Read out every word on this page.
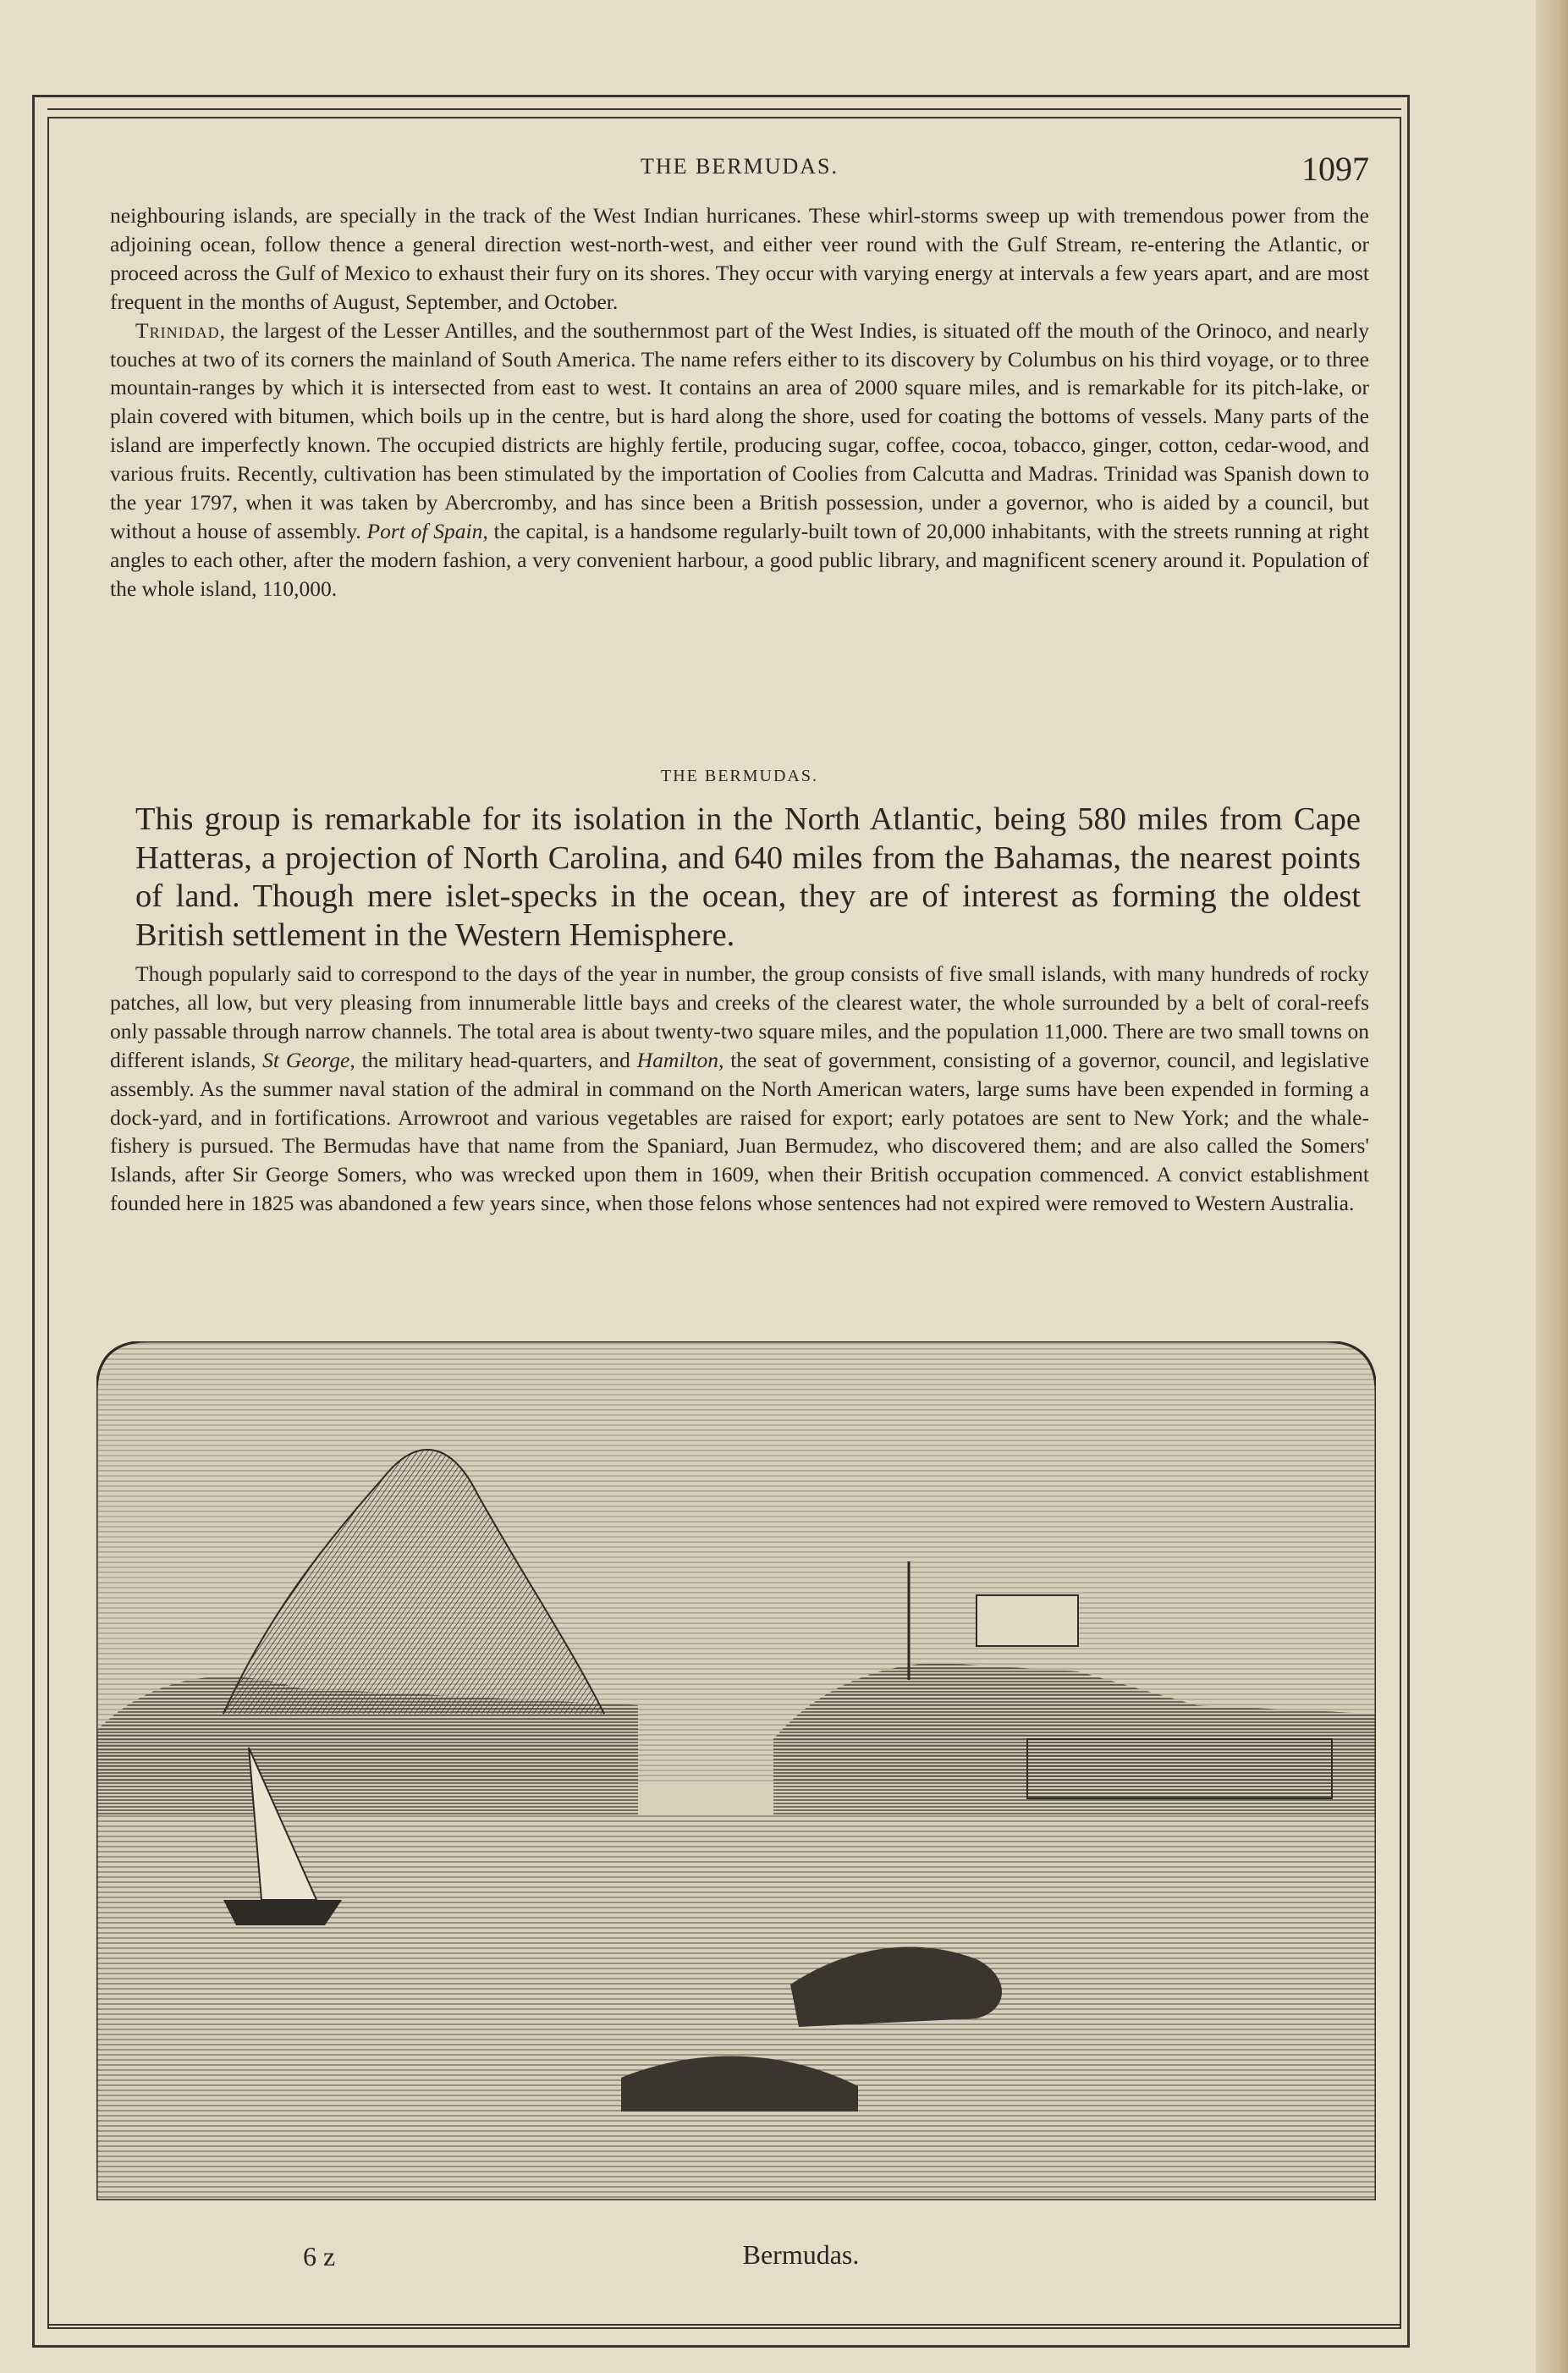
THE BERMUDAS.	1097

neighbouring islands, are specially in the track of the West Indian hurricanes. These whirl-storms sweep up with tremendous power from the adjoining ocean, follow thence a general direction west-north-west, and either veer round with the Gulf Stream, re-entering the Atlantic, or proceed across the Gulf of Mexico to exhaust their fury on its shores. They occur with varying energy at intervals a few years apart, and are most frequent in the months of August, September, and October.

Trinidad, the largest of the Lesser Antilles, and the southernmost part of the West Indies, is situated off the mouth of the Orinoco, and nearly touches at two of its corners the mainland of South America. The name refers either to its discovery by Columbus on his third voyage, or to three mountain-ranges by which it is intersected from east to west. It contains an area of 2000 square miles, and is remarkable for its pitch-lake, or plain covered with bitumen, which boils up in the centre, but is hard along the shore, used for coating the bottoms of vessels. Many parts of the island are imperfectly known. The occupied districts are highly fertile, producing sugar, coffee, cocoa, tobacco, ginger, cotton, cedar-wood, and various fruits. Recently, cultivation has been stimulated by the importation of Coolies from Calcutta and Madras. Trinidad was Spanish down to the year 1797, when it was taken by Abercromby, and has since been a British possession, under a governor, who is aided by a council, but without a house of assembly. Port of Spain, the capital, is a handsome regularly-built town of 20,000 inhabitants, with the streets running at right angles to each other, after the modern fashion, a very convenient harbour, a good public library, and magnificent scenery around it. Population of the whole island, 110,000.

THE BERMUDAS.
This group is remarkable for its isolation in the North Atlantic, being 580 miles from Cape Hatteras, a projection of North Carolina, and 640 miles from the Bahamas, the nearest points of land. Though mere islet-specks in the ocean, they are of interest as forming the oldest British settlement in the Western Hemisphere.

Though popularly said to correspond to the days of the year in number, the group consists of five small islands, with many hundreds of rocky patches, all low, but very pleasing from innumerable little bays and creeks of the clearest water, the whole surrounded by a belt of coral-reefs only passable through narrow channels. The total area is about twenty-two square miles, and the population 11,000. There are two small towns on different islands, St George, the military head-quarters, and Hamilton, the seat of government, consisting of a governor, council, and legislative assembly. As the summer naval station of the admiral in command on the North American waters, large sums have been expended in forming a dock-yard, and in fortifications. Arrowroot and various vegetables are raised for export; early potatoes are sent to New York; and the whale-fishery is pursued. The Bermudas have that name from the Spaniard, Juan Bermudez, who discovered them; and are also called the Somers' Islands, after Sir George Somers, who was wrecked upon them in 1609, when their British occupation commenced. A convict establishment founded here in 1825 was abandoned a few years since, when those felons whose sentences had not expired were removed to Western Australia.

6 z	Bermudas.
